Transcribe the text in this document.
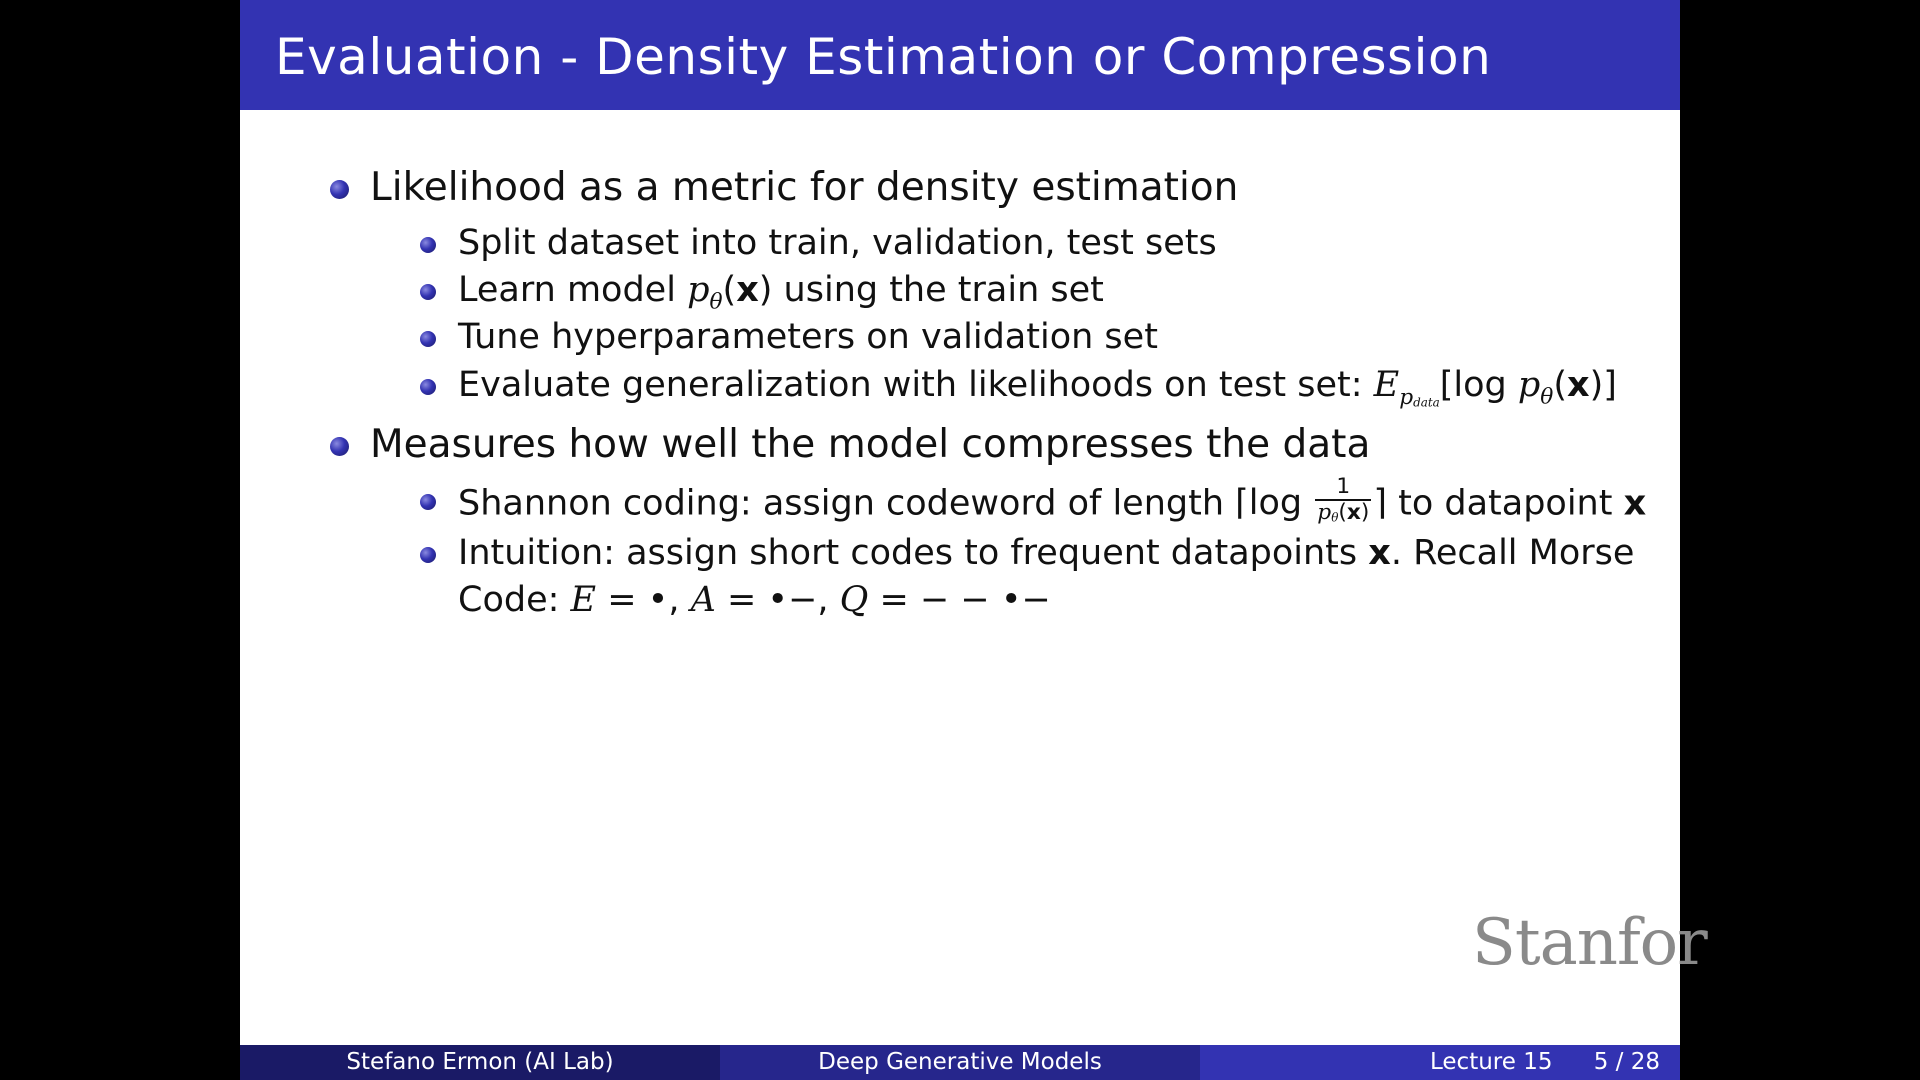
Evaluation - Density Estimation or Compression
Likelihood as a metric for density estimation
Split dataset into train, validation, test sets
Learn model $p_\theta(x)$ using the train set
Tune hyperparameters on validation set
Evaluate generalization with likelihoods on test set: $E_{p_{data}}[\log$ $p_\theta(x)$]
Measures how well the model compresses the data
Shannon coding: assign codeword of length ⌈log $\frac{1}{p_\theta(x)}$ ⌉ to datapoint x
Intuition: assign short codes to frequent datapoints x. Recall Morse
Code: E = •, A = •−, Q = − − •−
Stanfor
Stefano Ermon (AI Lab)	Deep Generative Models	Lecture 15 5 / 28
